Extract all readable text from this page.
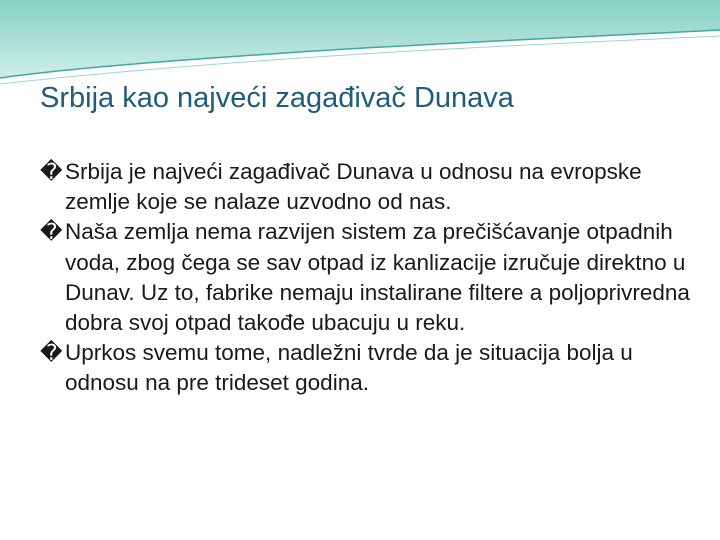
Srbija kao najveći zagađivač Dunava

� Srbija je najveći zagađivač Dunava u odnosu na evropske zemlje koje se nalaze uzvodno od nas.

� Naša zemlja nema razvijen sistem za prečišćavanje otpadnih voda, zbog čega se sav otpad iz kanlizacije izručuje direktno u Dunav. Uz to, fabrike nemaju instalirane filtere a poljoprivredna dobra svoj otpad takođe ubacuju u reku.

� Uprkos svemu tome, nadležni tvrde da je situacija bolja u odnosu na pre trideset godina.
